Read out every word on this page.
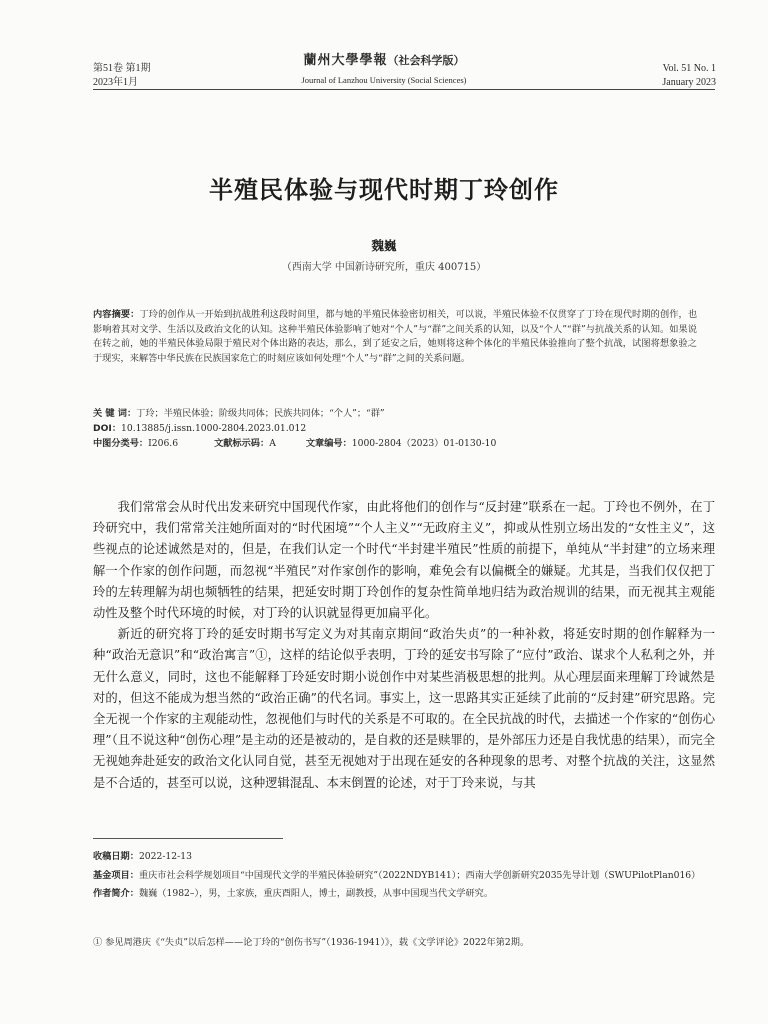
第51卷 第1期
2023年1月
蘭州大學學報（社会科学版）
Journal of Lanzhou University (Social Sciences)
Vol. 51 No. 1
January 2023
半殖民体验与现代时期丁玲创作
魏巍
（西南大学 中国新诗研究所，重庆 400715）
内容摘要：丁玲的创作从一开始到抗战胜利这段时间里，都与她的半殖民体验密切相关，可以说，半殖民体验不仅贯穿了丁玲在现代时期的创作，也影响着其对文学、生活以及政治文化的认知。这种半殖民体验影响了她对“个人”与“群”之间关系的认知，以及“个人”“群”与抗战关系的认知。如果说在转之前，她的半殖民体验局限于殖民对个体出路的表达，那么，到了延安之后，她则将这种个体化的半殖民体验推向了整个抗战，试图将想象验之于现实，来解答中华民族在民族国家危亡的时刻应该如何处理“个人”与“群”之间的关系问题。
关 键 词：丁玲；半殖民体验；阶级共同体；民族共同体；“个人”；“群”
DOI：10.13885/j.issn.1000-2804.2023.01.012
中图分类号：I206.6	文献标示码：A	文章编号：1000-2804（2023）01-0130-10

我们常常会从时代出发来研究中国现代作家，由此将他们的创作与“反封建”联系在一起。丁玲也不例外，在丁玲研究中，我们常常关注她所面对的“时代困境”“个人主义”“无政府主义”，抑或从性别立场出发的“女性主义”，这些视点的论述诚然是对的，但是，在我们认定一个时代“半封建半殖民”性质的前提下，单纯从“半封建”的立场来理解一个作家的创作问题，而忽视“半殖民”对作家创作的影响，难免会有以偏概全的嫌疑。尤其是，当我们仅仅把丁玲的左转理解为胡也频牺牲的结果，把延安时期丁玲创作的复杂性简单地归结为政治规训的结果，而无视其主观能动性及整个时代环境的时候，对丁玲的认识就显得更加扁平化。

新近的研究将丁玲的延安时期书写定义为对其南京期间“政治失贞”的一种补救，将延安时期的创作解释为一种“政治无意识”和“政治寓言”①，这样的结论似乎表明，丁玲的延安书写除了“应付”政治、谋求个人私利之外，并无什么意义，同时，这也不能解释丁玲延安时期小说创作中对某些消极思想的批判。从心理层面来理解丁玲诚然是对的，但这不能成为想当然的“政治正确”的代名词。事实上，这一思路其实正延续了此前的“反封建”研究思路。完全无视一个作家的主观能动性，忽视他们与时代的关系是不可取的。在全民抗战的时代，去描述一个作家的“创伤心理”（且不说这种“创伤心理”是主动的还是被动的，是自救的还是赎罪的，是外部压力还是自我忧患的结果），而完全无视她奔赴延安的政治文化认同自觉，甚至无视她对于出现在延安的各种现象的思考、对整个抗战的关注，这显然是不合适的，甚至可以说，这种逻辑混乱、本末倒置的论述，对于丁玲来说，与其

收稿日期： 2022-12-13
基金项目： 重庆市社会科学规划项目“中国现代文学的半殖民体验研究”（2022NDYB141）；西南大学创新研究2035先导计划（SWUPilotPlan016）
作者简介： 魏巍（1982–），男，土家族，重庆酉阳人，博士，副教授，从事中国现当代文学研究。
① 参见周港庆《“失贞”以后怎样——论丁玲的“创伤书写”（1936-1941）》，载《文学评论》2022年第2期。
